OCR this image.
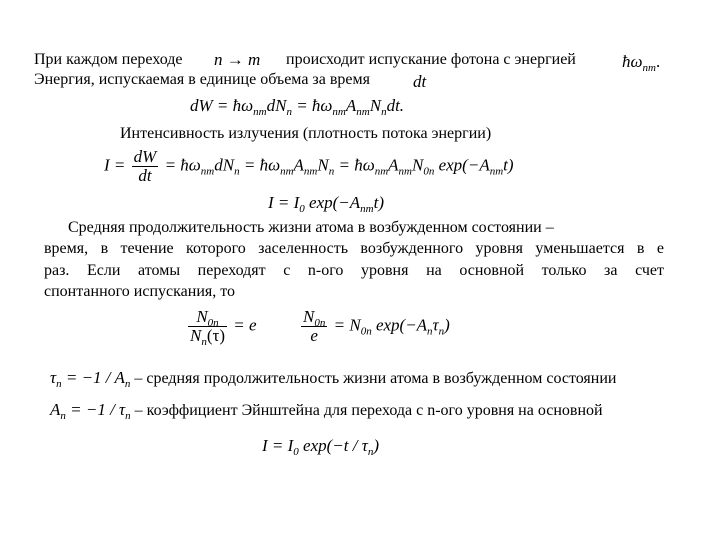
При каждом переходе n → m происходит испускание фотона с энергией	$ħ\omega_{nm}$.
Энергия, испускаемая в единице объема за время	dt
dW = $ħ\omega_{nm}dN_n$ = $ħ\omega_{nm}A_{nm}N_ndt$.
Интенсивность излучения (плотность потока энергии)
$I = \frac{dW}{dt}$ = $ħ\omega_{nm}dN_n$ = $ħ\omega_{nm}A_{nm}N_n$ = $ħ\omega_{nm}A_{nm}N_{0n}$ $\exp(-A_{nm}t)$
$I = I_0$ $\exp(-A_{nm}t)$
Средняя продолжительность жизни атома в возбужденном состоянии –
время, в течение которого заселенность возбужденного уровня уменьшается в e
раз. Если атомы переходят с n-ого уровня на основной только за счет
спонтанного испускания, то
$\frac{N_{0n}}{N_n(\tau)} = e$	$\frac{N_{0n}}{e} = N_{0n}$ $\exp(-A_n\tau_n)$
$\tau_n = -1 / A_n$ – средняя продолжительность жизни атома в возбужденном состоянии
$A_n = -1 / \tau_n$ – коэффициент Эйнштейна для перехода с n-ого уровня на основной
$I = I_0$ $\exp(-t / \tau_n)$
